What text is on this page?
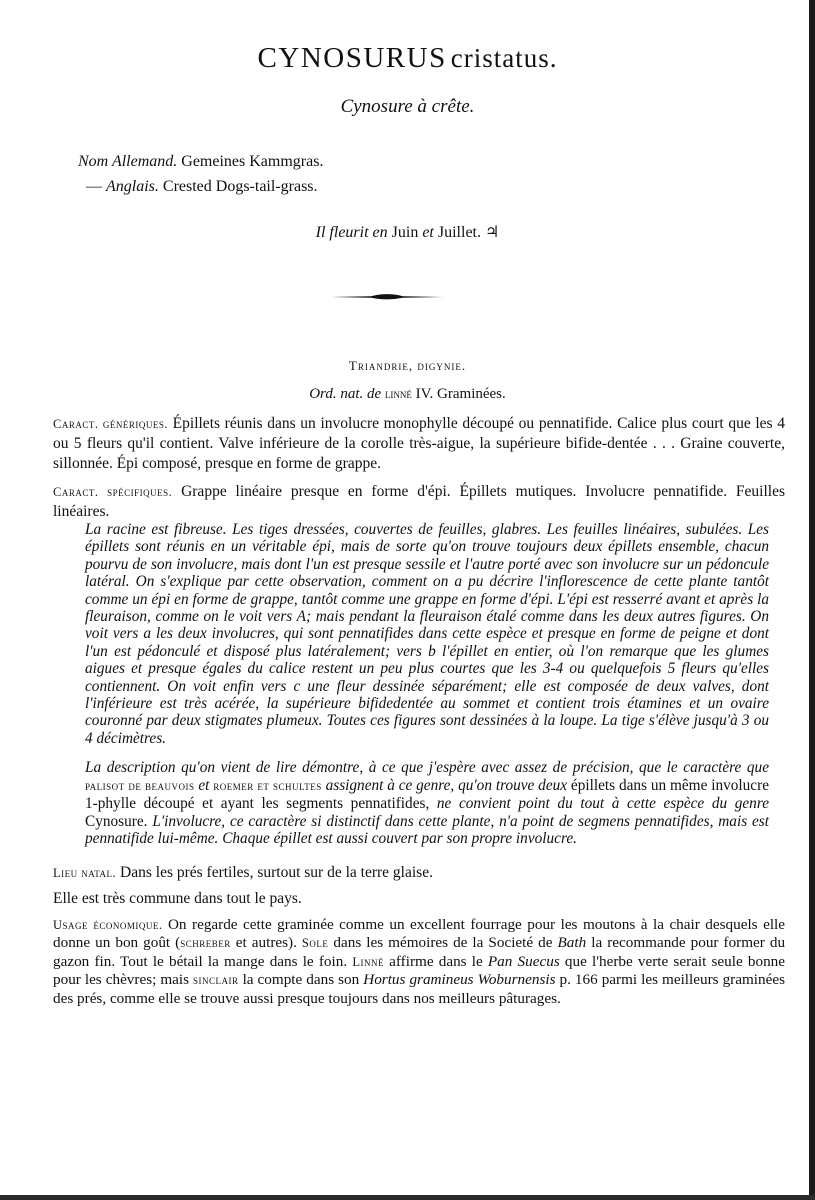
CYNOSURUS cristatus.
Cynosure à crête.
Nom Allemand. Gemeines Kammgras.
— Anglais. Crested Dogs-tail-grass.
Il fleurit en Juin et Juillet. ♃
Triandrie, digynie.
Ord. nat. de linné IV. Graminées.
Caract. génériques. Épillets réunis dans un involucre monophylle découpé ou pennatifide. Calice plus court que les 4 ou 5 fleurs qu'il contient. Valve inférieure de la corolle très-aigue, la supérieure bifide-dentée . . . Graine couverte, sillonnée. Épi composé, presque en forme de grappe.
Caract. spécifiques. Grappe linéaire presque en forme d'épi. Épillets mutiques. Involucre pennatifide. Feuilles linéaires.
La racine est fibreuse. Les tiges dressées, couvertes de feuilles, glabres. Les feuilles linéaires, subulées. Les épillets sont réunis en un véritable épi, mais de sorte qu'on trouve toujours deux épillets ensemble, chacun pourvu de son involucre, mais dont l'un est presque sessile et l'autre porté avec son involucre sur un pédoncule latéral. On s'explique par cette observation, comment on a pu décrire l'inflorescence de cette plante tantôt comme un épi en forme de grappe, tantôt comme une grappe en forme d'épi. L'épi est resserré avant et après la fleuraison, comme on le voit vers A; mais pendant la fleuraison étalé comme dans les deux autres figures. On voit vers a les deux involucres, qui sont pennatifides dans cette espèce et presque en forme de peigne et dont l'un est pédonculé et disposé plus latéralement; vers b l'épillet en entier, où l'on remarque que les glumes aigues et presque égales du calice restent un peu plus courtes que les 3-4 ou quelquefois 5 fleurs qu'elles contiennent. On voit enfin vers c une fleur dessinée séparément; elle est composée de deux valves, dont l'inférieure est très acérée, la supérieure bifidedentée au sommet et contient trois étamines et un ovaire couronné par deux stigmates plumeux. Toutes ces figures sont dessinées à la loupe. La tige s'élève jusqu'à 3 ou 4 décimètres.
La description qu'on vient de lire démontre, à ce que j'espère avec assez de précision, que le caractère que palisot de beauvois et roemer et schultes assignent à ce genre, qu'on trouve deux épillets dans un même involucre 1-phylle découpé et ayant les segments pennatifides, ne convient point du tout à cette espèce du genre Cynosure. L'involucre, ce caractère si distinctif dans cette plante, n'a point de segmens pennatifides, mais est pennatifide lui-même. Chaque épillet est aussi couvert par son propre involucre.
Lieu natal. Dans les prés fertiles, surtout sur de la terre glaise.
Elle est très commune dans tout le pays.
Usage économique. On regarde cette graminée comme un excellent fourrage pour les moutons à la chair desquels elle donne un bon goût (schreber et autres). Sole dans les mémoires de la Societé de Bath la recommande pour former du gazon fin. Tout le bétail la mange dans le foin. Linné affirme dans le Pan Suecus que l'herbe verte serait seule bonne pour les chèvres; mais sinclair la compte dans son Hortus gramineus Woburnensis p. 166 parmi les meilleurs graminées des prés, comme elle se trouve aussi presque toujours dans nos meilleurs pâturages.
